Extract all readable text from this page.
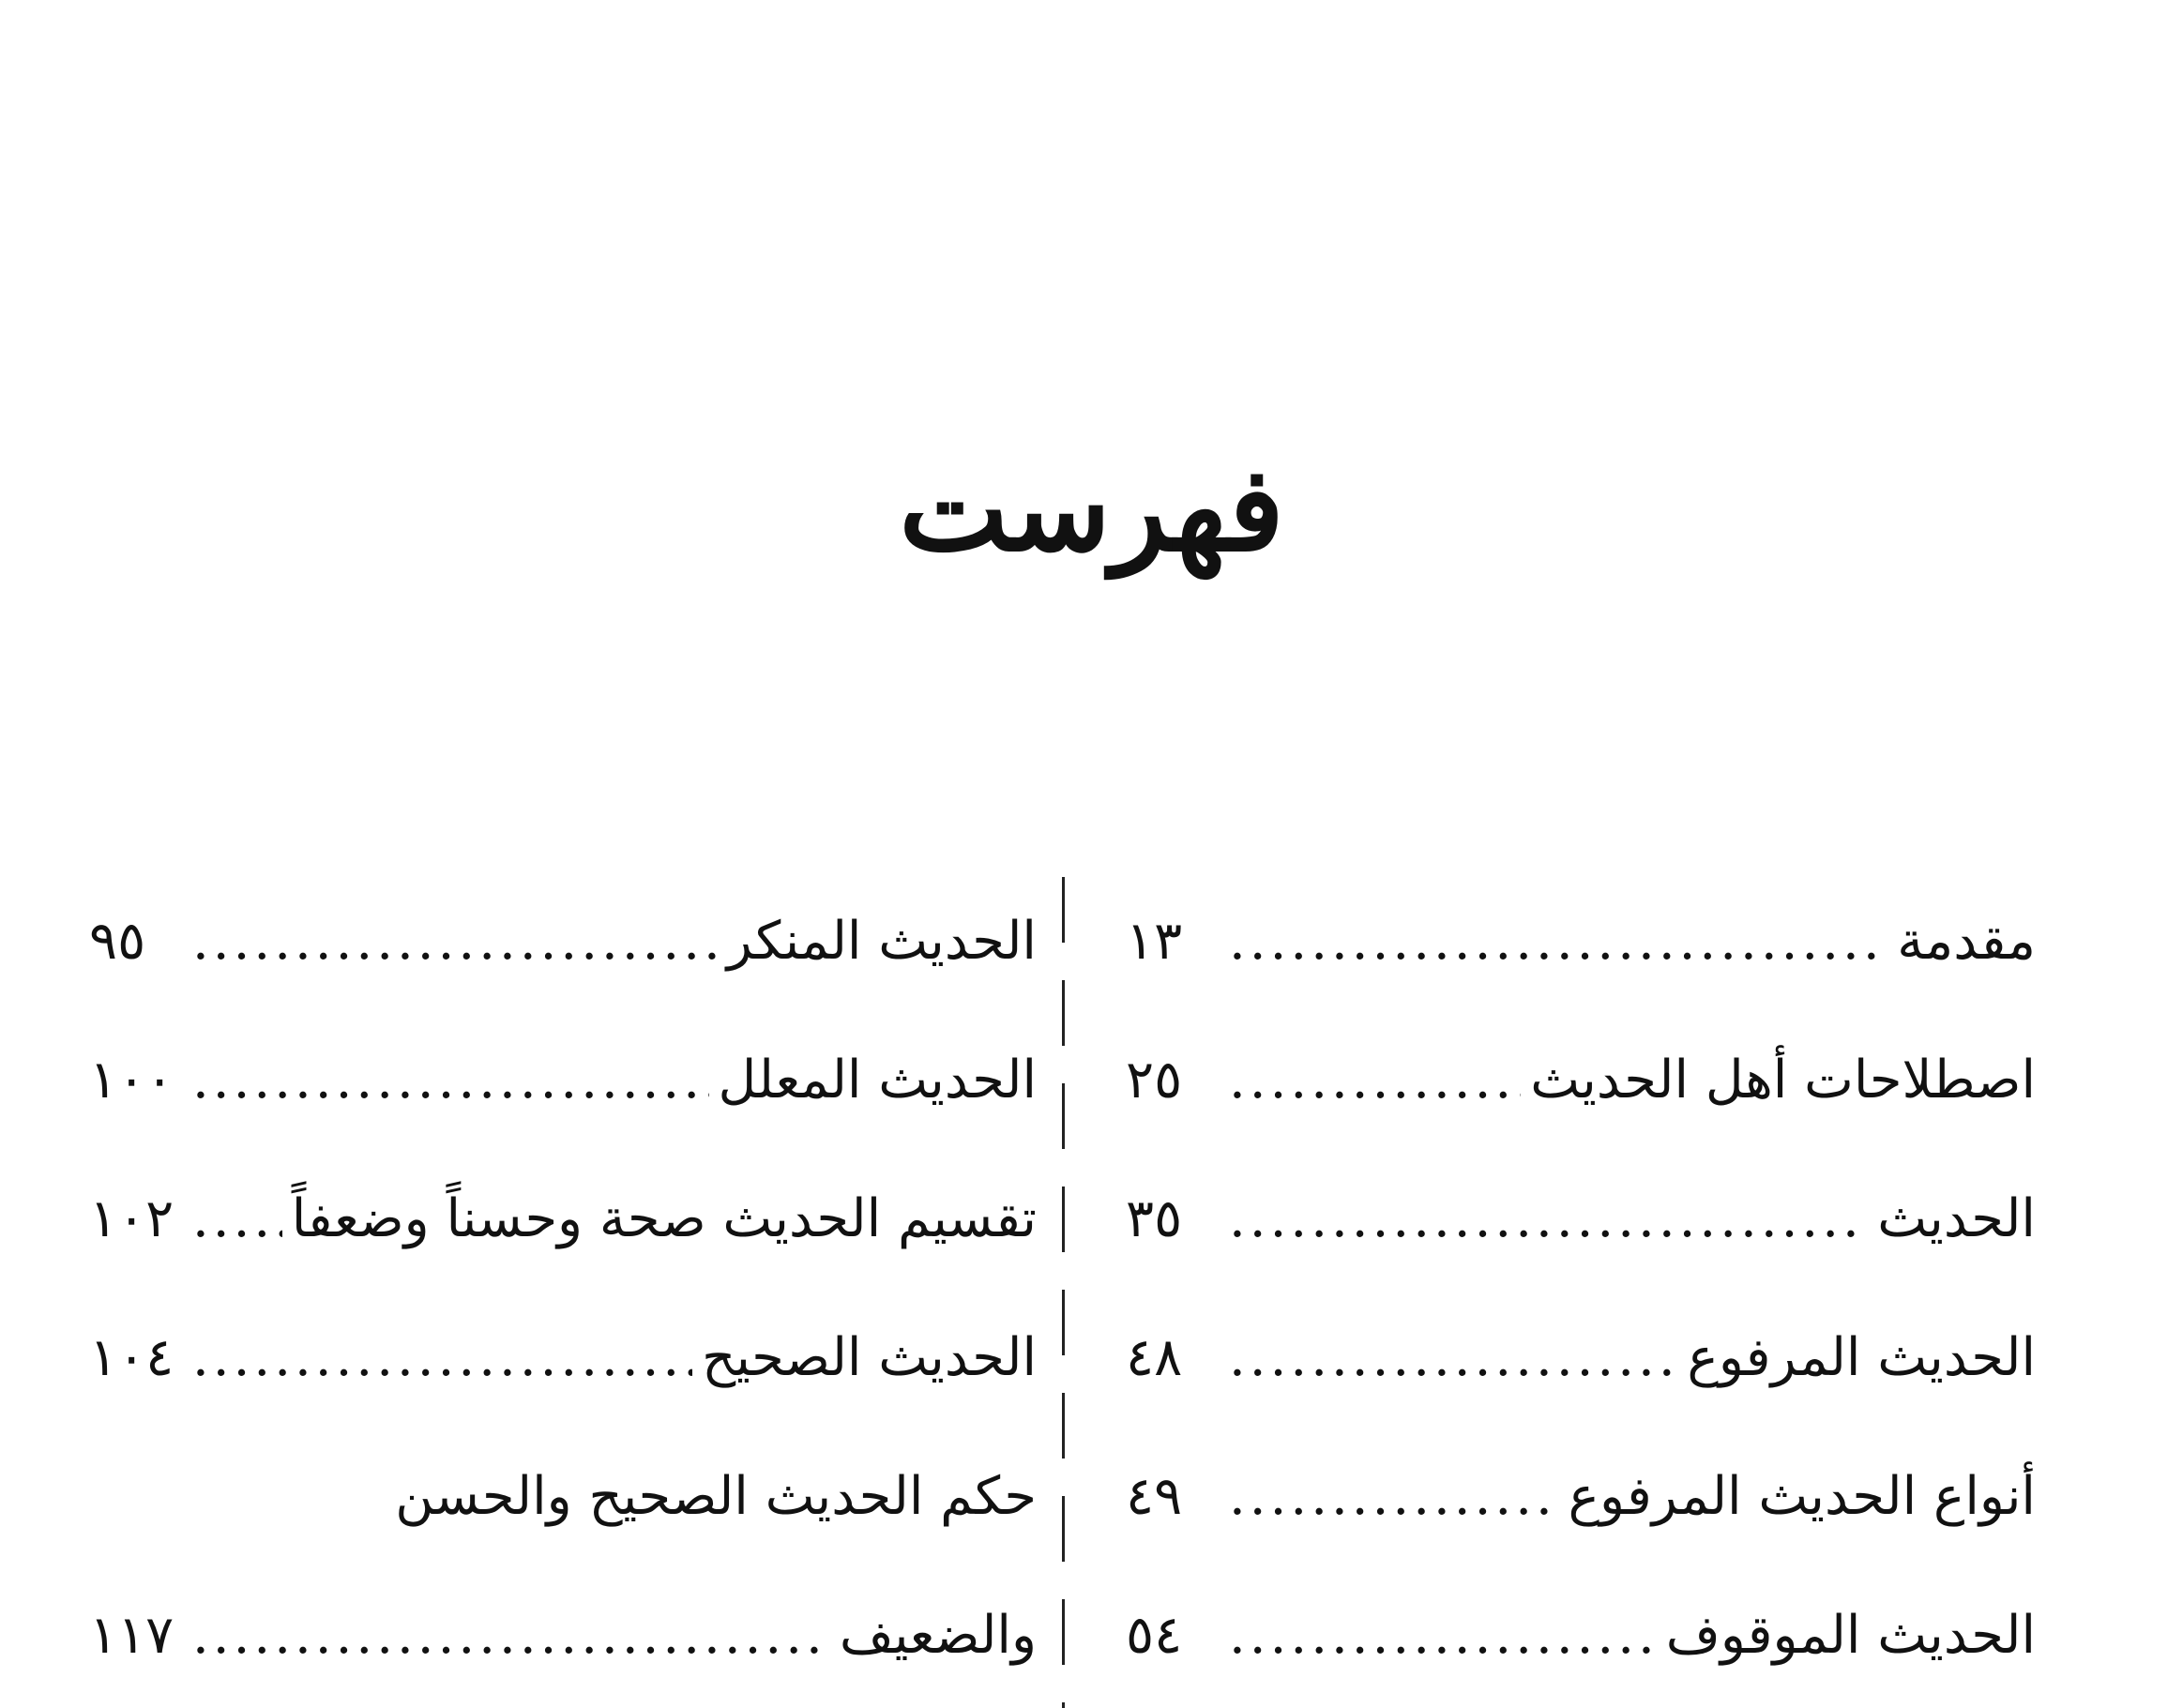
فهرست
مقدمة
.....
١٣
اصطلاحات أهل الحديث
.....
٢٥
الحديث
.....
٣٥
الحديث المرفوع
.....
٤٨
أنواع الحديث المرفوع
.....
٤٩
الحديث الموقوف
.....
٥٤
الحديث المنكر
.....
٩٥
الحديث المعلل
.....
١٠٠
تقسيم الحديث صحة وحسناً وضعفاً
.....
١٠٢
الحديث الصحيح
.....
١٠٤
حكم الحديث الصحيح والحسن
والضعيف
.....
١١٧
